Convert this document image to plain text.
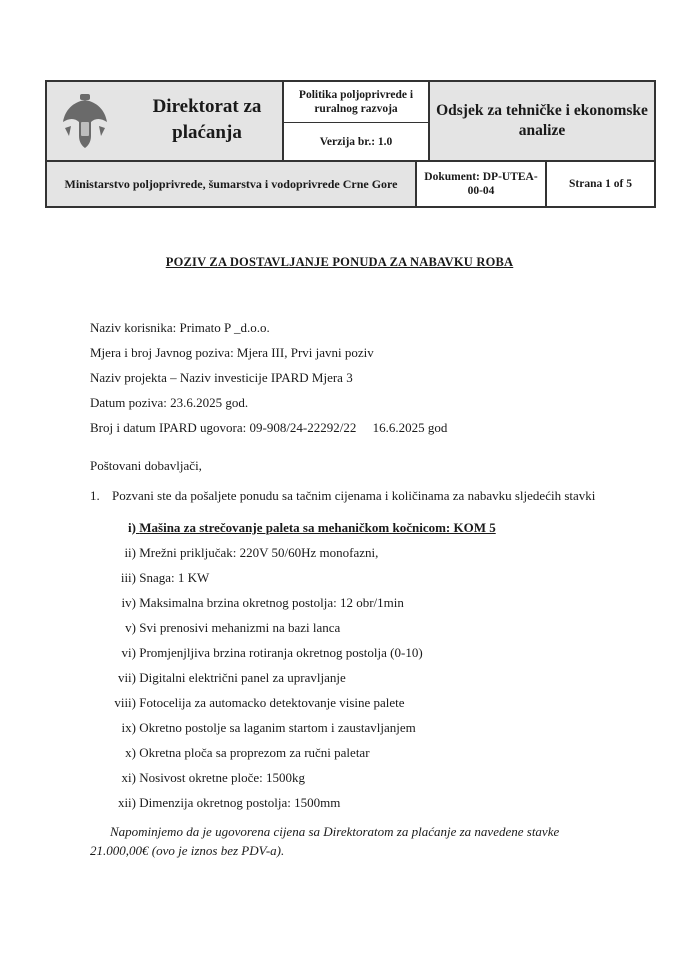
Direktorat za plaćanja
Politika poljoprivrede i ruralnog razvoja
Verzija br.: 1.0
Odsjek za tehničke i ekonomske analize
Ministarstvo poljoprivrede, šumarstva i vodoprivrede Crne Gore	Dokument: DP-UTEA-00-04
Strana 1 of 5
POZIV ZA DOSTAVLJANJE PONUDA ZA NABAVKU ROBA
Naziv korisnika: Primato P _d.o.o.
Mjera i broj Javnog poziva: Mjera III, Prvi javni poziv
Naziv projekta – Naziv investicije IPARD Mjera 3
Datum poziva: 23.6.2025 god.
Broj i datum IPARD ugovora: 09-908/24-22292/22     16.6.2025 god
Poštovani dobavljači,
1. Pozvani ste da pošaljete ponudu sa tačnim cijenama i količinama za nabavku sljedećih stavki
i) Mašina za strečovanje paleta sa mehaničkom kočnicom: KOM 5
ii) Mrežni priključak: 220V 50/60Hz monofazni,
iii) Snaga: 1 KW
iv) Maksimalna brzina okretnog postolja: 12 obr/1min
v) Svi prenosivi mehanizmi na bazi lanca
vi) Promjenjljiva brzina rotiranja okretnog postolja (0-10)
vii) Digitalni električni panel za upravljanje
viii) Fotocelija za automacko detektovanje visine palete
ix) Okretno postolje sa laganim startom i zaustavljanjem
x) Okretna ploča sa proprezom za ručni paletar
xi) Nosivost okretne ploče: 1500kg
xii) Dimenzija okretnog postolja: 1500mm
Napominjemo da je ugovorena cijena sa Direktoratom za plaćanje za navedene stavke
21.000,00€ (ovo je iznos bez PDV-a).
